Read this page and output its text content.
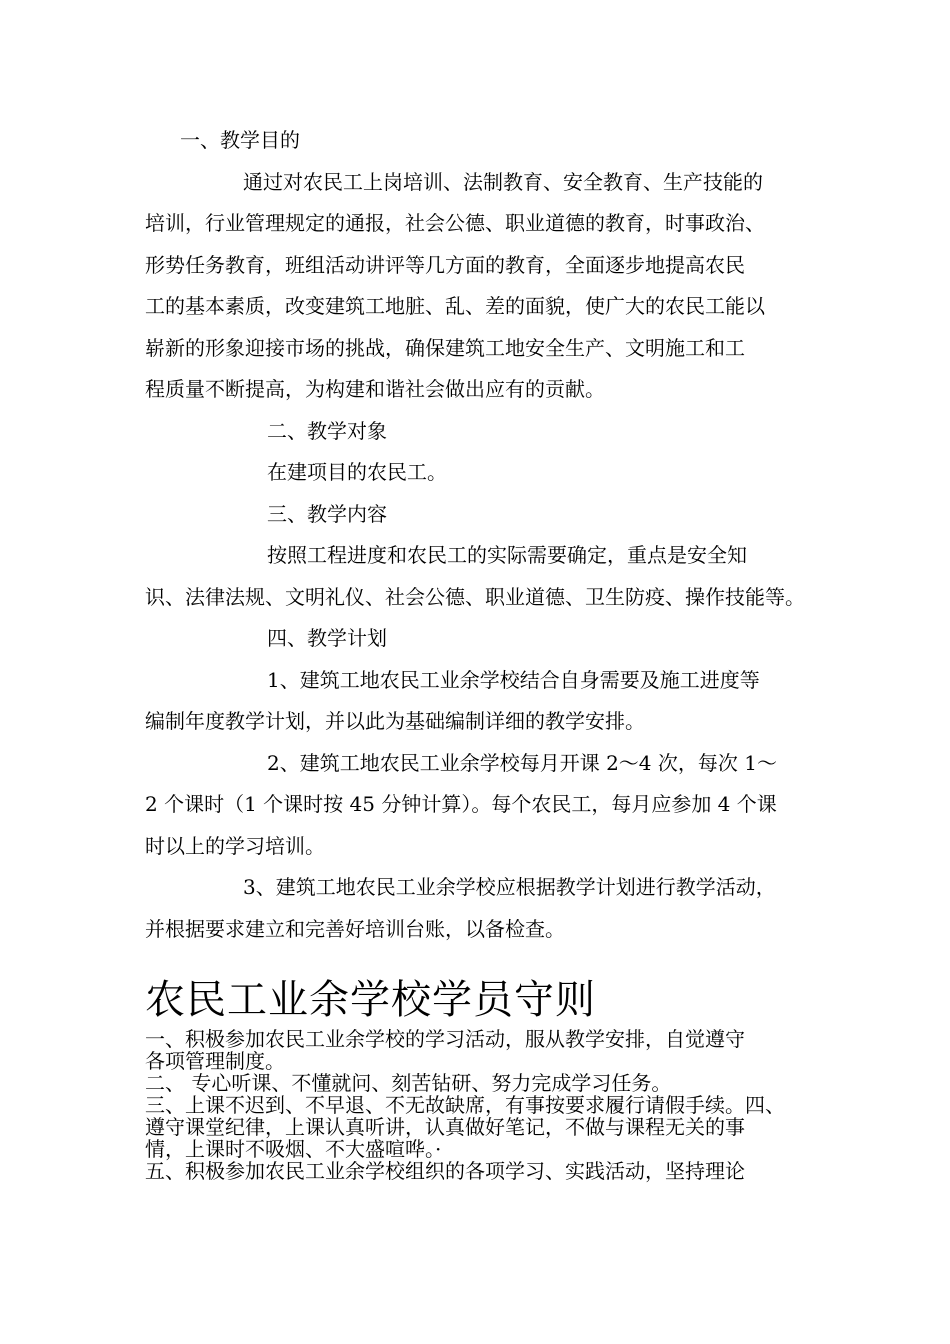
一、教学目的
通过对农民工上岗培训、法制教育、安全教育、生产技能的
培训，行业管理规定的通报，社会公德、职业道德的教育，时事政治、
形势任务教育，班组活动讲评等几方面的教育，全面逐步地提高农民
工的基本素质，改变建筑工地脏、乱、差的面貌，使广大的农民工能以
崭新的形象迎接市场的挑战，确保建筑工地安全生产、文明施工和工
程质量不断提高，为构建和谐社会做出应有的贡献。
二、教学对象
在建项目的农民工。
三、教学内容
按照工程进度和农民工的实际需要确定，重点是安全知
识、法律法规、文明礼仪、社会公德、职业道德、卫生防疫、操作技能等。
四、教学计划
1、建筑工地农民工业余学校结合自身需要及施工进度等
编制年度教学计划，并以此为基础编制详细的教学安排。
2、建筑工地农民工业余学校每月开课 2～4 次，每次 1～
2 个课时（1 个课时按 45 分钟计算）。每个农民工，每月应参加 4 个课
时以上的学习培训。
3、建筑工地农民工业余学校应根据教学计划进行教学活动，
并根据要求建立和完善好培训台账，以备检查。
农民工业余学校学员守则
一、积极参加农民工业余学校的学习活动，服从教学安排，自觉遵守
各项管理制度。
二、 专心听课、不懂就问、刻苦钻研、努力完成学习任务。
三、上课不迟到、不早退、不无故缺席，有事按要求履行请假手续。四、
遵守课堂纪律，上课认真听讲，认真做好笔记，不做与课程无关的事
情，上课时不吸烟、不大盛喧哗。·
五、积极参加农民工业余学校组织的各项学习、实践活动，坚持理论
